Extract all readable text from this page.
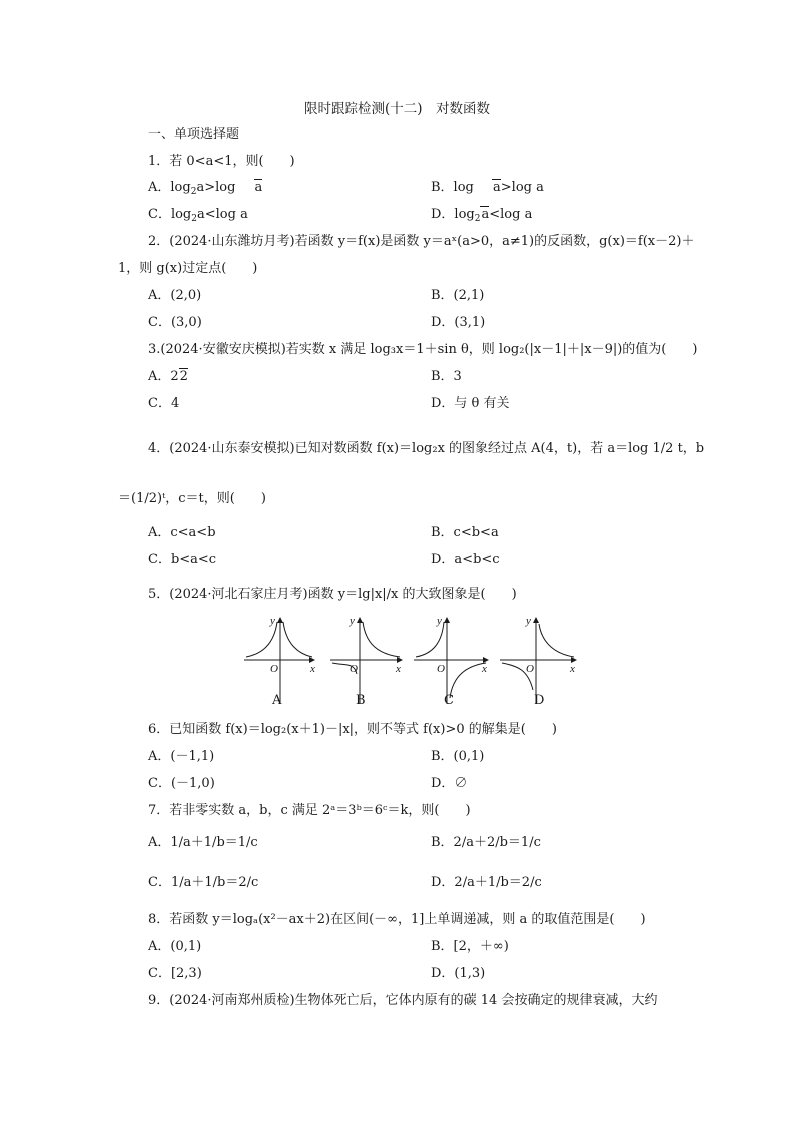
限时跟踪检测(十二)　对数函数
一、单项选择题
1．若 0<a<1，则(　　)
A．$\log_2a>\log$ a	B．log a>log a
C．$\log_2a<\log$ a	D．$\log_2a<\log$ a
2．(2024·山东潍坊月考)若函数 y＝f(x)是函数 y＝aˣ(a>0，a≠1)的反函数，g(x)＝f(x－2)＋
1，则 g(x)过定点(　　)
A．(2,0)	B．(2,1)
C．(3,0)	D．(3,1)
3.(2024·安徽安庆模拟)若实数 x 满足 log₃x＝1＋sin θ，则 log₂(|x－1|＋|x－9|)的值为(　　)
A．22	B．3
C．4	D．与 θ 有关
4．(2024·山东泰安模拟)已知对数函数 f(x)＝log₂x 的图象经过点 A(4，t)，若 a＝log 1/2 t，b
＝(1/2)ᵗ，c＝t，则(　　)
A．c<a<b	B．c<b<a
C．b<a<c	D．a<b<c
5．(2024·河北石家庄月考)函数 y＝lg|x|/x 的大致图象是(　　)
y
O	x
y
O	x
y
O	x
y
O	x
A	B	C	D
6．已知函数 f(x)＝log₂(x＋1)－|x|，则不等式 f(x)>0 的解集是(　　)
A．(－1,1)	B．(0,1)
C．(－1,0)	D．∅
7．若非零实数 a，b，c 满足 2ᵃ＝3ᵇ＝6ᶜ＝k，则(　　)
A．1/a＋1/b＝1/c	B．2/a＋2/b＝1/c
C．1/a＋1/b＝2/c	D．2/a＋1/b＝2/c
8．若函数 y＝logₐ(x²－ax＋2)在区间(－∞，1]上单调递减，则 a 的取值范围是(　　)
A．(0,1)	B．[2，＋∞)
C．[2,3)	D．(1,3)
9．(2024·河南郑州质检)生物体死亡后，它体内原有的碳 14 会按确定的规律衰减，大约
